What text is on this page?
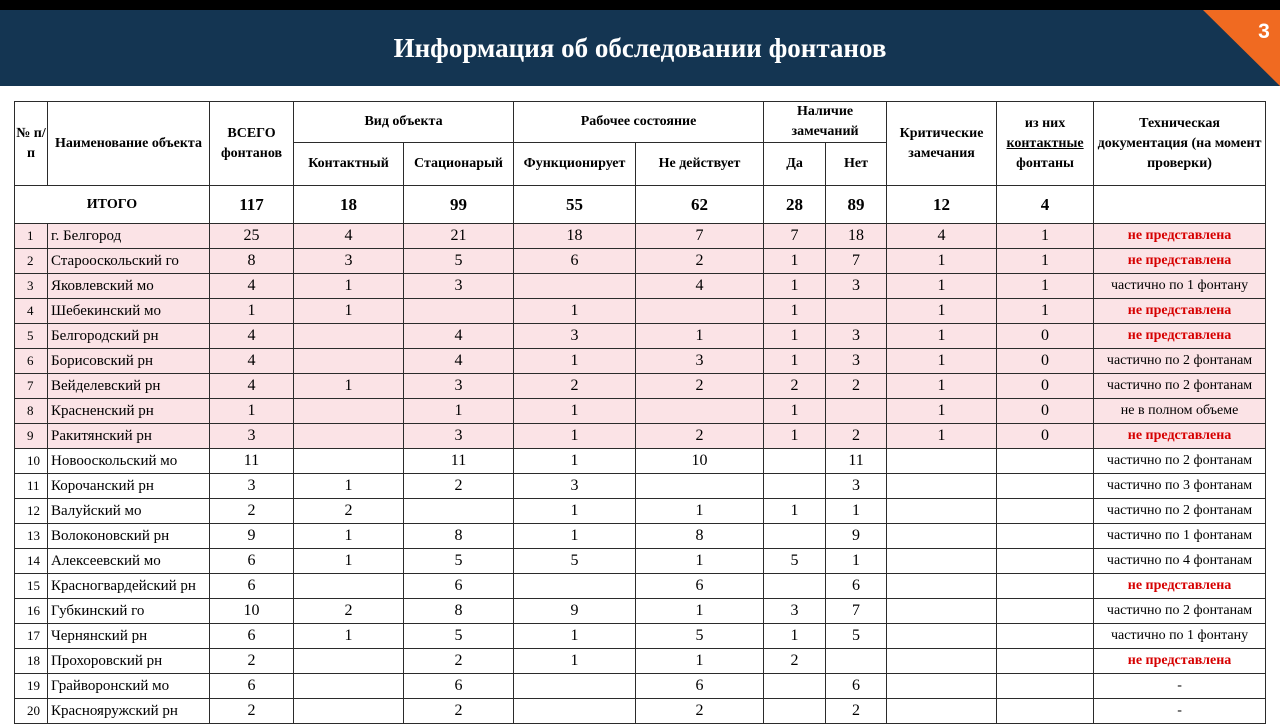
Информация об обследовании фонтанов
3
№ п/п	Наименование объекта	ВСЕГО фонтанов	Вид объекта		Рабочее состояние		Наличие замечаний		Критические замечания	из них контактные фонтаны	Техническая документация (на момент проверки)
			Контактный	Стационарый	Функционирует	Не действует	Да	Нет			
ИТОГО		117	18	99	55	62	28	89	12	4	
1	г. Белгород	25	4	21	18	7	7	18	4	1	не представлена
2	Старооскольский го	8	3	5	6	2	1	7	1	1	не представлена
3	Яковлевский мо	4	1	3		4	1	3	1	1	частично по 1 фонтану
4	Шебекинский мо	1	1		1		1		1	1	не представлена
5	Белгородский рн	4		4	3	1	1	3	1	0	не представлена
6	Борисовский рн	4		4	1	3	1	3	1	0	частично по 2 фонтанам
7	Вейделевский рн	4	1	3	2	2	2	2	1	0	частично по 2 фонтанам
8	Красненский рн	1		1	1		1		1	0	не в полном объеме
9	Ракитянский рн	3		3	1	2	1	2	1	0	не представлена
10	Новооскольский мо	11		11	1	10		11			частично по 2 фонтанам
11	Корочанский рн	3	1	2	3			3			частично по 3 фонтанам
12	Валуйский мо	2	2		1	1	1	1			частично по 2 фонтанам
13	Волоконовский рн	9	1	8	1	8		9			частично по 1 фонтанам
14	Алексеевский мо	6	1	5	5	1	5	1			частично по 4 фонтанам
15	Красногвардейский рн	6		6		6		6			не представлена
16	Губкинский го	10	2	8	9	1	3	7			частично по 2 фонтанам
17	Чернянский рн	6	1	5	1	5	1	5			частично по 1 фонтану
18	Прохоровский рн	2		2	1	1	2				не представлена
19	Грайворонский мо	6		6		6		6			-
20	Краснояружский рн	2		2		2		2			-
